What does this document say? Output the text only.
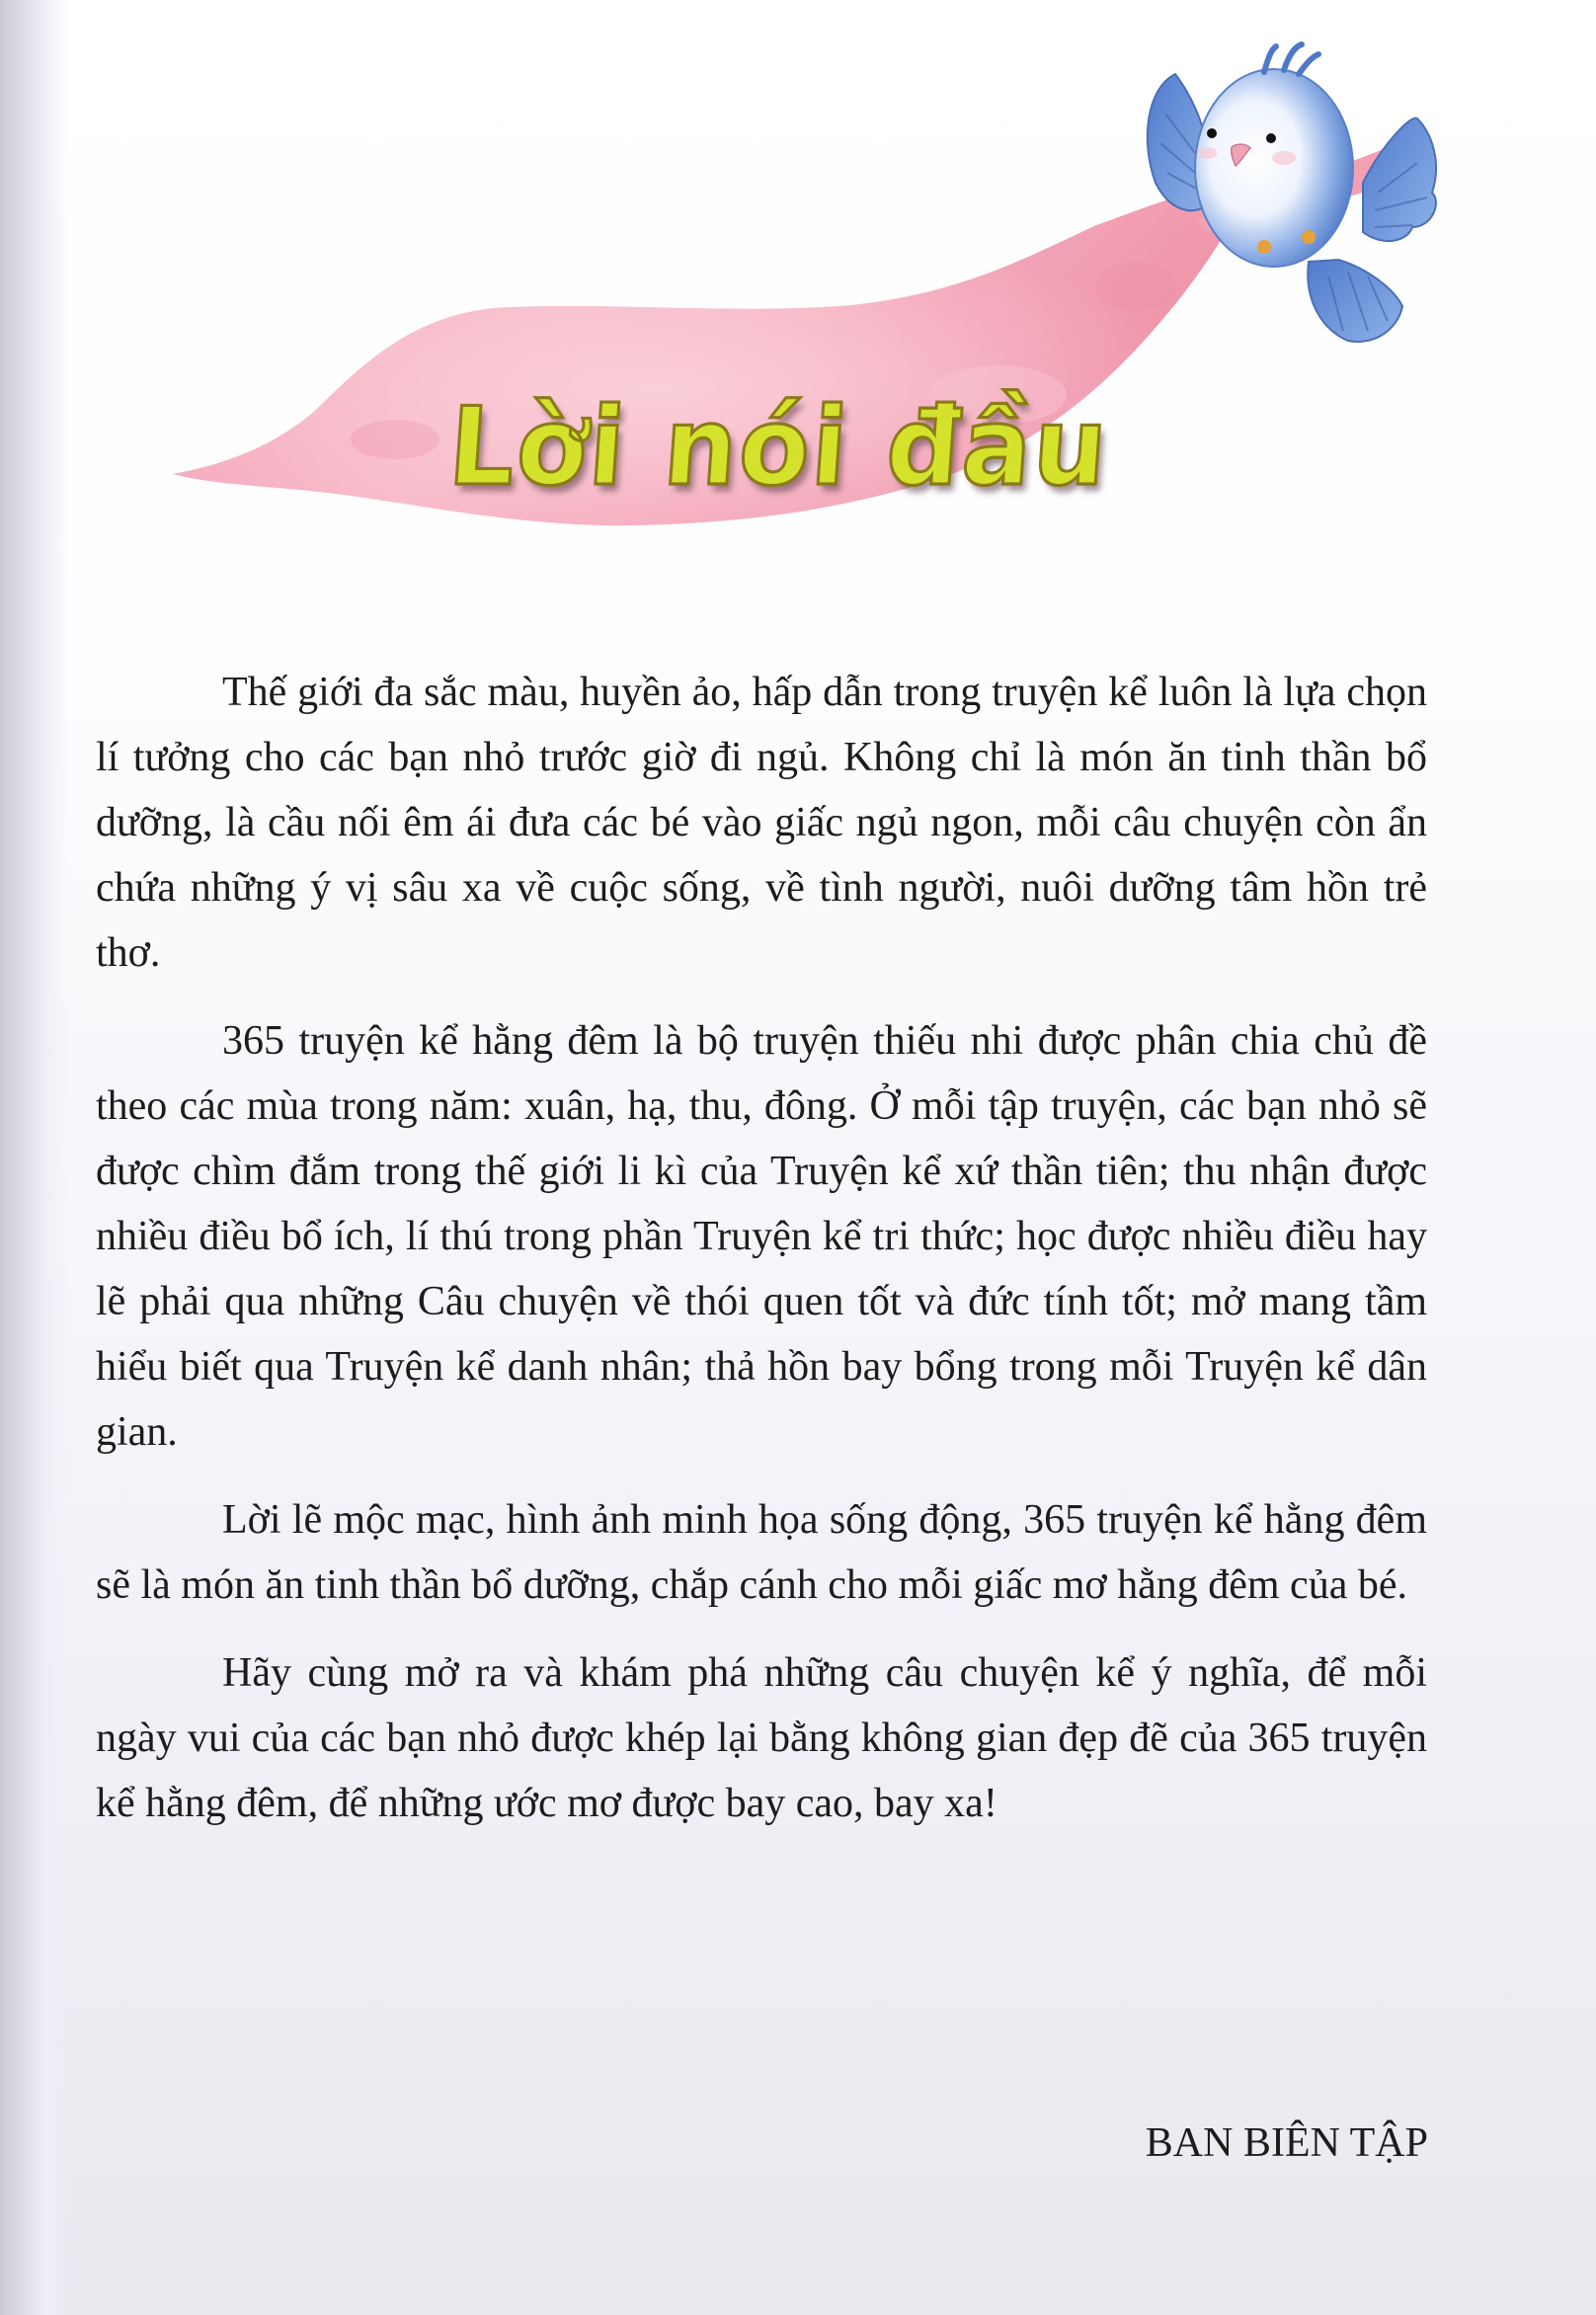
Lời nói đầu

Thế giới đa sắc màu, huyền ảo, hấp dẫn trong truyện kể luôn là lựa chọn lí tưởng cho các bạn nhỏ trước giờ đi ngủ. Không chỉ là món ăn tinh thần bổ dưỡng, là cầu nối êm ái đưa các bé vào giấc ngủ ngon, mỗi câu chuyện còn ẩn chứa những ý vị sâu xa về cuộc sống, về tình người, nuôi dưỡng tâm hồn trẻ thơ.

365 truyện kể hằng đêm là bộ truyện thiếu nhi được phân chia chủ đề theo các mùa trong năm: xuân, hạ, thu, đông. Ở mỗi tập truyện, các bạn nhỏ sẽ được chìm đắm trong thế giới li kì của Truyện kể xứ thần tiên; thu nhận được nhiều điều bổ ích, lí thú trong phần Truyện kể tri thức; học được nhiều điều hay lẽ phải qua những Câu chuyện về thói quen tốt và đức tính tốt; mở mang tầm hiểu biết qua Truyện kể danh nhân; thả hồn bay bổng trong mỗi Truyện kể dân gian.

Lời lẽ mộc mạc, hình ảnh minh họa sống động, 365 truyện kể hằng đêm sẽ là món ăn tinh thần bổ dưỡng, chắp cánh cho mỗi giấc mơ hằng đêm của bé.

Hãy cùng mở ra và khám phá những câu chuyện kể ý nghĩa, để mỗi ngày vui của các bạn nhỏ được khép lại bằng không gian đẹp đẽ của 365 truyện kể hằng đêm, để những ước mơ được bay cao, bay xa!

BAN BIÊN TẬP
